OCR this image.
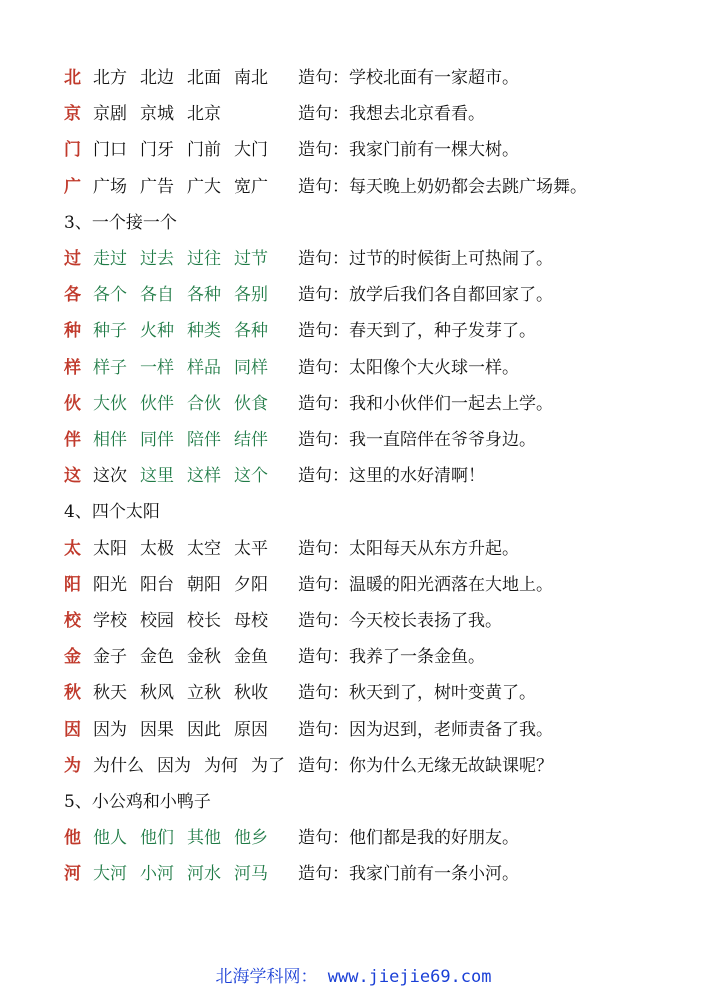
北 北方 北边 北面 南北 造句：学校北面有一家超市。
京 京剧 京城 北京	造句：我想去北京看看。
门 门口 门牙 门前 大门 造句：我家门前有一棵大树。
广 广场 广告 广大 宽广 造句：每天晚上奶奶都会去跳广场舞。
3、一个接一个
过 走过 过去 过往 过节 造句：过节的时候街上可热闹了。
各 各个 各自 各种 各别 造句：放学后我们各自都回家了。
种 种子 火种 种类 各种 造句：春天到了，种子发芽了。
样 样子 一样 样品 同样 造句：太阳像个大火球一样。
伙 大伙 伙伴 合伙 伙食 造句：我和小伙伴们一起去上学。
伴 相伴 同伴 陪伴 结伴 造句：我一直陪伴在爷爷身边。
这 这次 这里 这样 这个 造句：这里的水好清啊！
4、四个太阳
太 太阳 太极 太空 太平 造句：太阳每天从东方升起。
阳 阳光 阳台 朝阳 夕阳 造句：温暖的阳光洒落在大地上。
校 学校 校园 校长 母校 造句：今天校长表扬了我。
金 金子 金色 金秋 金鱼 造句：我养了一条金鱼。
秋 秋天 秋风 立秋 秋收 造句：秋天到了，树叶变黄了。
因 因为 因果 因此 原因 造句：因为迟到，老师责备了我。
为 为什么 因为 为何 为了 造句：你为什么无缘无故缺课呢？
5、小公鸡和小鸭子
他 他人 他们 其他 他乡 造句：他们都是我的好朋友。
河 大河 小河 河水 河马 造句：我家门前有一条小河。
北海学科网： www.jiejie69.com
